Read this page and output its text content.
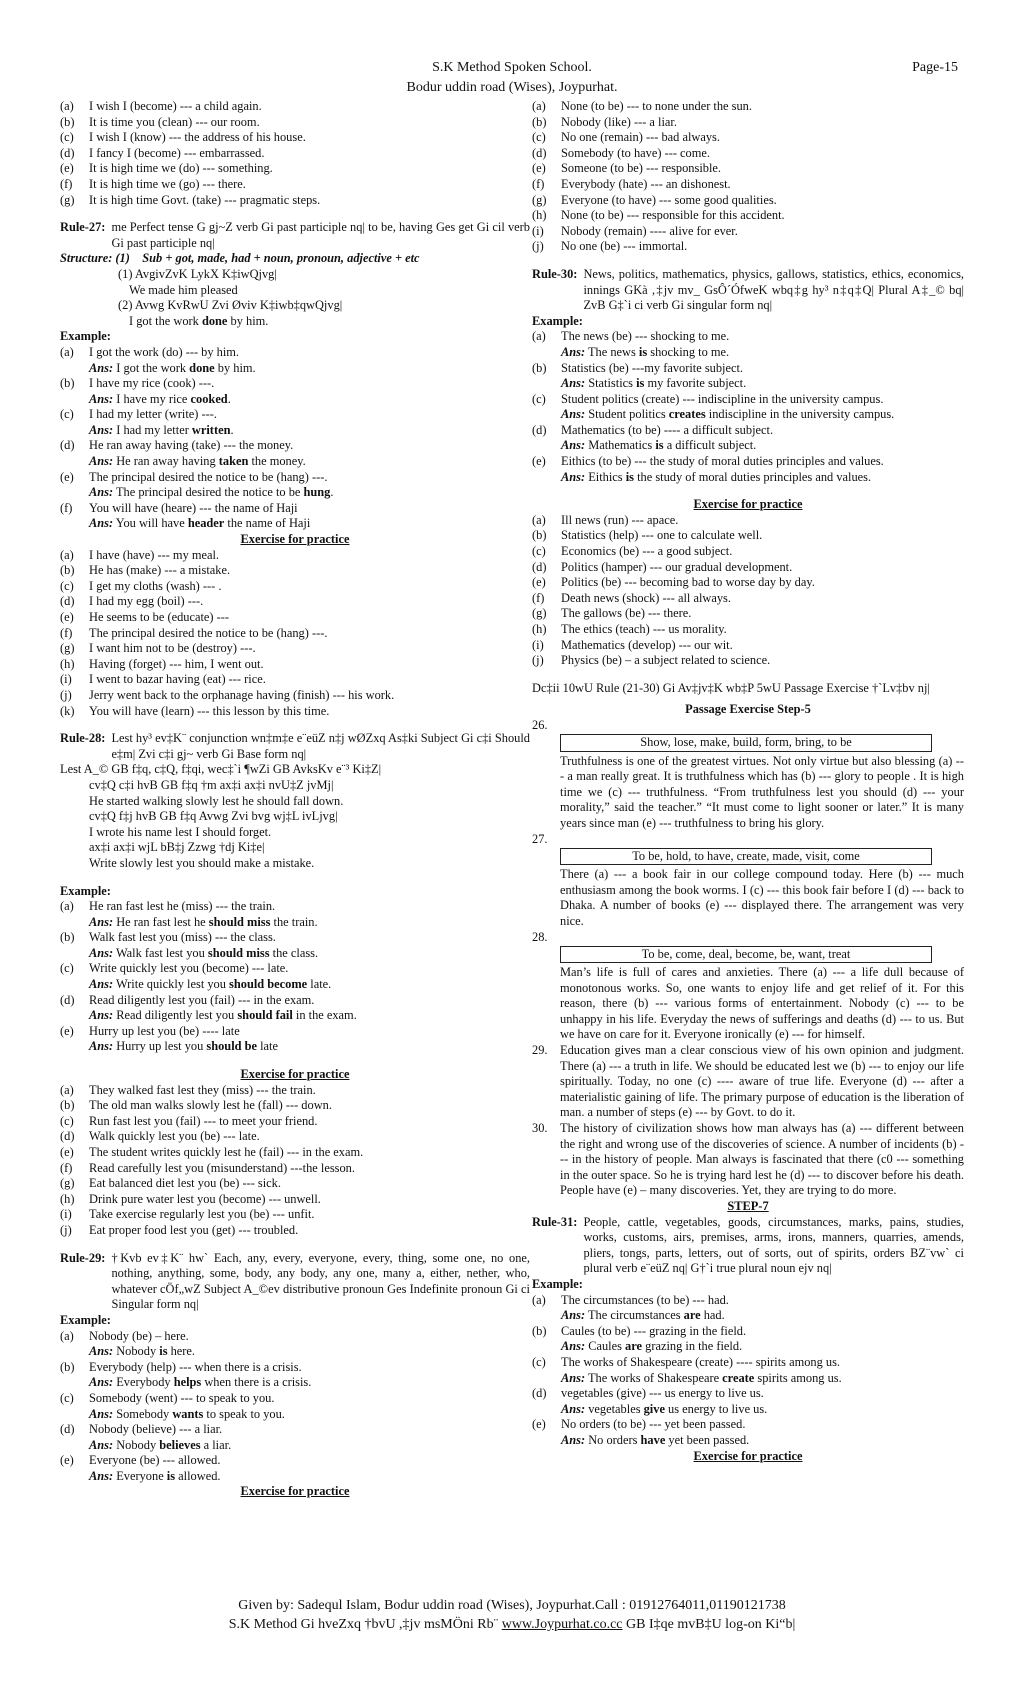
S.K Method Spoken School.	Page-15
Bodur uddin road (Wises), Joypurhat.
(a)	I wish I (become) --- a child again.
(b)	It is time you (clean) --- our room.
(c)	I wish I (know) --- the address of his house.
(d)	I fancy I (become) --- embarrassed.
(e)	It is high time we (do) --- something.
(f)	It is high time we (go) --- there.
(g)	It is high time Govt. (take) --- pragmatic steps.
Rule-27: me Perfect tense G gj~Z verb Gi past participle nq| to be, having Ges get Gi cil verb Gi past participle nq|
Structure: (1) Sub + got, made, had + noun, pronoun, adjective + etc
(1) AvgivZvK LykX K‡iwQjvg|
We made him pleased
(2) Avwg KvRwU Zvi Øviv K‡iwb‡qwQjvg|
I got the work done by him.
Example:
(a)	I got the work (do) --- by him.
Ans: I got the work done by him.
(b)	I have my rice (cook) ---.
Ans: I have my rice cooked.
(c)	I had my letter (write) ---.
Ans: I had my letter written.
(d)	He ran away having (take) --- the money.
Ans: He ran away having taken the money.
(e)	The principal desired the notice to be (hang) ---.
Ans: The principal desired the notice to be hung.
(f)	You will have (heare) --- the name of Haji
Ans: You will have header the name of Haji
Exercise for practice
(a)	I have (have) --- my meal.
(b)	He has (make) --- a mistake.
(c)	I get my cloths (wash) --- .
(d)	I had my egg (boil) ---.
(e)	He seems to be (educate) ---
(f)	The principal desired the notice to be (hang) ---.
(g)	I want him not to be (destroy) ---.
(h)	Having (forget) --- him, I went out.
(i)	I went to bazar having (eat) --- rice.
(j)	Jerry went back to the orphanage having (finish) --- his work.
(k)	You will have (learn) --- this lesson by this time.
Rule-28: Lest hy³ ev‡K¨ conjunction wn‡m‡e e¨eüZ n‡j wØZxq As‡ki Subject Gi c‡i Should e‡m| Zvi c‡i gj~ verb Gi Base form nq|
Lest A_© GB f‡q, c‡Q, f‡qi, wec‡`i ¶wZi GB AvksKv e¨³ Ki‡Z|
cv‡Q c‡i hvB GB f‡q †m ax‡i ax‡i nvU‡Z jvMj|
He started walking slowly lest he should fall down.
cv‡Q f‡j hvB GB f‡q Avwg Zvi bvg wj‡L ivLjvg|
I wrote his name lest I should forget.
ax‡i ax‡i wjL bB‡j Zzwg †dj Ki‡e|
Write slowly lest you should make a mistake.
Example:
(a)	He ran fast lest he (miss) --- the train.
Ans: He ran fast lest he should miss the train.
(b)	Walk fast lest you (miss) --- the class.
Ans: Walk fast lest you should miss the class.
(c)	Write quickly lest you (become) --- late.
Ans: Write quickly lest you should become late.
(d)	Read diligently lest you (fail) --- in the exam.
Ans: Read diligently lest you should fail in the exam.
(e)	Hurry up lest you (be) ---- late
Ans: Hurry up lest you should be late
Exercise for practice
(a)	They walked fast lest they (miss) --- the train.
(b)	The old man walks slowly lest he (fall) --- down.
(c)	Run fast lest you (fail) --- to meet your friend.
(d)	Walk quickly lest you (be) --- late.
(e)	The student writes quickly lest he (fail) --- in the exam.
(f)	Read carefully lest you (misunderstand) ---the lesson.
(g)	Eat balanced diet lest you (be) --- sick.
(h)	Drink pure water lest you (become) --- unwell.
(i)	Take exercise regularly lest you (be) --- unfit.
(j)	Eat proper food lest you (get) --- troubled.
Rule-29: †Kvb ev‡K¨ hw` Each, any, every, everyone, every, thing, some one, no one, nothing, anything, some, body, any body, any one, many a, either, nether, who, whatever cÖf„wZ Subject A_©ev distributive pronoun Ges Indefinite pronoun Gi ci Singular form nq|
Example:
(a)	Nobody (be) – here.
Ans: Nobody is here.
(b)	Everybody (help) --- when there is a crisis.
Ans: Everybody helps when there is a crisis.
(c)	Somebody (went) --- to speak to you.
Ans: Somebody wants to speak to you.
(d)	Nobody (believe) --- a liar.
Ans: Nobody believes a liar.
(e)	Everyone (be) --- allowed.
Ans: Everyone is allowed.
Exercise for practice
(a)	None (to be) --- to none under the sun.
(b)	Nobody (like) --- a liar.
(c)	No one (remain) --- bad always.
(d)	Somebody (to have) --- come.
(e)	Someone (to be) --- responsible.
(f)	Everybody (hate) --- an dishonest.
(g)	Everyone (to have) --- some good qualities.
(h)	None (to be) --- responsible for this accident.
(i)	Nobody (remain) ---- alive for ever.
(j)	No one (be) --- immortal.
Rule-30: News, politics, mathematics, physics, gallows, statistics, ethics, economics, innings GKà ,‡jv mv_ GsÔ´ÓfweK wbq‡g hy³ n‡q‡Q| Plural A‡_© bq| ZvB G‡`i ci verb Gi singular form nq|
Example:
(a)	The news (be) --- shocking to me.
Ans: The news is shocking to me.
(b)	Statistics (be) ---my favorite subject.
Ans: Statistics is my favorite subject.
(c)	Student politics (create) --- indiscipline in the university campus.
Ans: Student politics creates indiscipline in the university campus.
(d)	Mathematics (to be) ---- a difficult subject.
Ans: Mathematics is a difficult subject.
(e)	Eithics (to be) --- the study of moral duties principles and values.
Ans: Eithics is the study of moral duties principles and values.
Exercise for practice
(a)	Ill news (run) --- apace.
(b)	Statistics (help) --- one to calculate well.
(c)	Economics (be) --- a good subject.
(d)	Politics (hamper) --- our gradual development.
(e)	Politics (be) --- becoming bad to worse day by day.
(f)	Death news (shock) --- all always.
(g)	The gallows (be) --- there.
(h)	The ethics (teach) --- us morality.
(i)	Mathematics (develop) --- our wit.
(j)	Physics (be) – a subject related to science.
Dc‡ii 10wU Rule (21-30) Gi Av‡jv‡K wb‡P 5wU Passage Exercise †`Lv‡bv nj|
Passage Exercise Step-5
26.
Show, lose, make, build, form, bring, to be
Truthfulness is one of the greatest virtues. Not only virtue but also blessing (a) --- a man really great. It is truthfulness which has (b) --- glory to people . It is high time we (c) --- truthfulness. “From truthfulness lest you should (d) --- your morality,” said the teacher.” “It must come to light sooner or later.” It is many years since man (e) --- truthfulness to bring his glory.
27.
To be, hold, to have, create, made, visit, come
There (a) --- a book fair in our college compound today. Here (b) --- much enthusiasm among the book worms. I (c) --- this book fair before I (d) --- back to Dhaka. A number of books (e) --- displayed there. The arrangement was very nice.
28.
To be, come, deal, become, be, want, treat
Man’s life is full of cares and anxieties. There (a) --- a life dull because of monotonous works. So, one wants to enjoy life and get relief of it. For this reason, there (b) --- various forms of entertainment. Nobody (c) --- to be unhappy in his life. Everyday the news of sufferings and deaths (d) --- to us. But we have on care for it. Everyone ironically (e) --- for himself.
29.	Education gives man a clear conscious view of his own opinion and judgment. There (a) --- a truth in life. We should be educated lest we (b) --- to enjoy our life spiritually. Today, no one (c) ---- aware of true life. Everyone (d) --- after a materialistic gaining of life. The primary purpose of education is the liberation of man. a number of steps (e) --- by Govt. to do it.
30.	The history of civilization shows how man always has (a) --- different between the right and wrong use of the discoveries of science. A number of incidents (b) --- in the history of people. Man always is fascinated that there (c0 --- something in the outer space. So he is trying hard lest he (d) --- to discover before his death. People have (e) – many discoveries. Yet, they are trying to do more.
STEP-7
Rule-31: People, cattle, vegetables, goods, circumstances, marks, pains, studies, works, customs, airs, premises, arms, irons, manners, quarries, amends, pliers, tongs, parts, letters, out of sorts, out of spirits, orders BZ¨vw` ci plural verb e¨eüZ nq| G†`i true plural noun ejv nq|
Example:
(a)	The circumstances (to be) --- had.
Ans: The circumstances are had.
(b)	Caules (to be) --- grazing in the field.
Ans: Caules are grazing in the field.
(c)	The works of Shakespeare (create) ---- spirits among us.
Ans: The works of Shakespeare create spirits among us.
(d)	vegetables (give) --- us energy to live us.
Ans: vegetables give us energy to live us.
(e)	No orders (to be) --- yet been passed.
Ans: No orders have yet been passed.
Exercise for practice
Given by: Sadequl Islam, Bodur uddin road (Wises), Joypurhat.Call : 01912764011,01190121738
S.K Method Gi hveZxq †bvU ,‡jv msMÖni Rb¨ www.Joypurhat.co.cc GB I‡qe mvB‡U log-on Ki“b|
